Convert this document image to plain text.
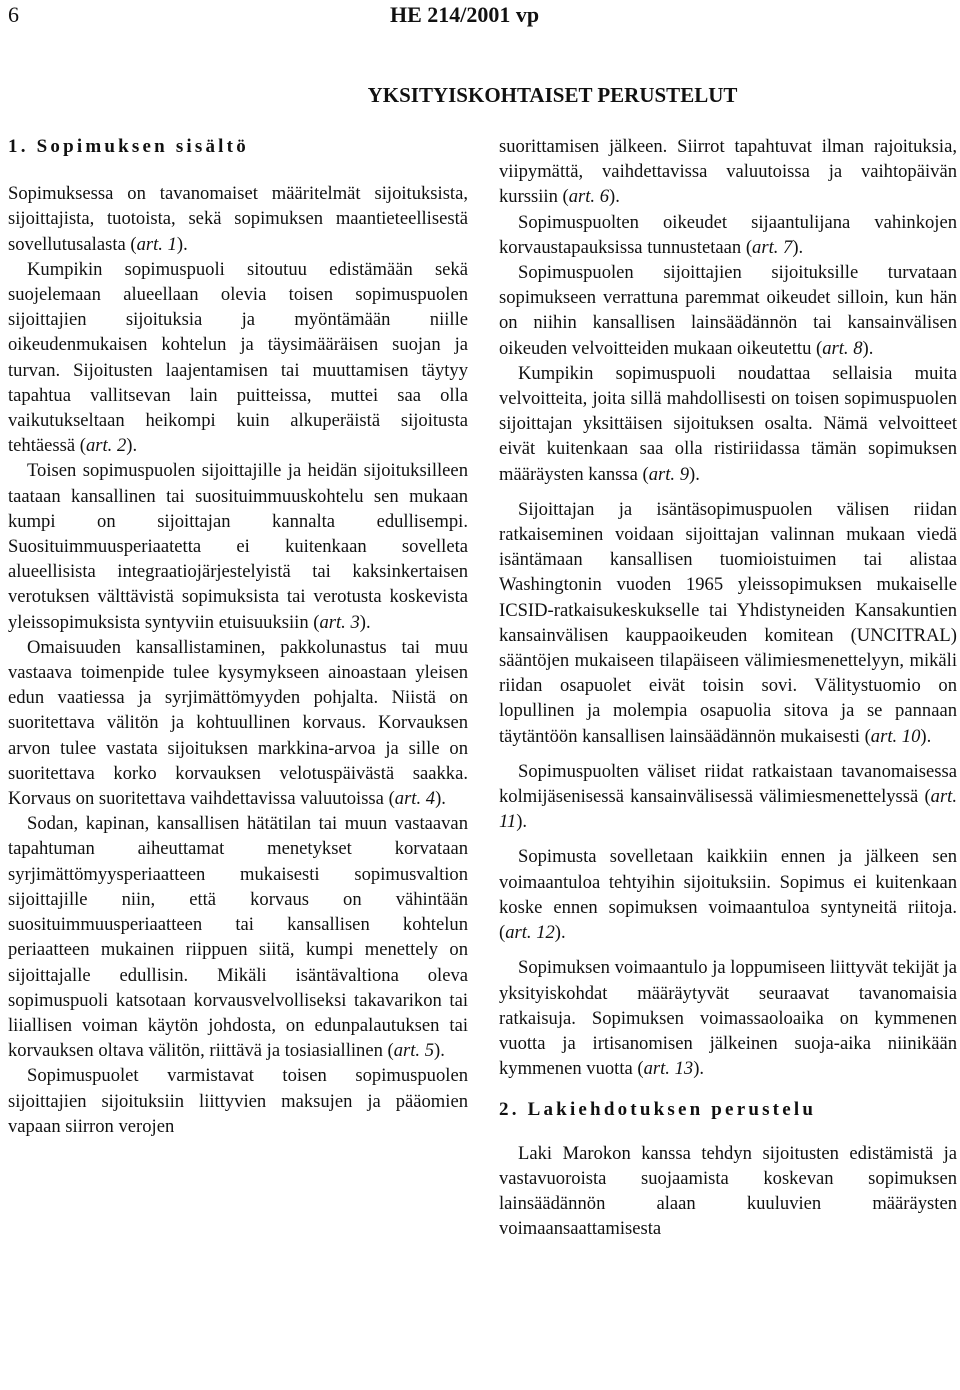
6	HE 214/2001 vp
YKSITYISKOHTAISET PERUSTELUT
1. Sopimuksen sisältö

Sopimuksessa on tavanomaiset määritelmät sijoituksista, sijoittajista, tuotoista, sekä sopimuksen maantieteellisestä sovellutusalasta (art. 1).

Kumpikin sopimuspuoli sitoutuu edistämään sekä suojelemaan alueellaan olevia toisen sopimuspuolen sijoittajien sijoituksia ja myöntämään niille oikeudenmukaisen kohtelun ja täysimääräisen suojan ja turvan. Sijoitusten laajentamisen tai muuttamisen täytyy tapahtua vallitsevan lain puitteissa, muttei saa olla vaikutukseltaan heikompi kuin alkuperäistä sijoitusta tehtäessä (art. 2).

Toisen sopimuspuolen sijoittajille ja heidän sijoituksilleen taataan kansallinen tai suosituimmuuskohtelu sen mukaan kumpi on sijoittajan kannalta edullisempi. Suosituimmuusperiaatetta ei kuitenkaan sovelleta alueellisista integraatiojärjestelyistä tai kaksinkertaisen verotuksen välttävistä sopimuksista tai verotusta koskevista yleissopimuksista syntyviin etuisuuksiin (art. 3).

Omaisuuden kansallistaminen, pakkolunastus tai muu vastaava toimenpide tulee kysymykseen ainoastaan yleisen edun vaatiessa ja syrjimättömyyden pohjalta. Niistä on suoritettava välitön ja kohtuullinen korvaus. Korvauksen arvon tulee vastata sijoituksen markkina-arvoa ja sille on suoritettava korko korvauksen velotuspäivästä saakka. Korvaus on suoritettava vaihdettavissa valuutoissa (art. 4).

Sodan, kapinan, kansallisen hätätilan tai muun vastaavan tapahtuman aiheuttamat menetykset korvataan syrjimättömyysperiaatteen mukaisesti sopimusvaltion sijoittajille niin, että korvaus on vähintään suosituimmuusperiaatteen tai kansallisen kohtelun periaatteen mukainen riippuen siitä, kumpi menettely on sijoittajalle edullisin. Mikäli isäntävaltiona oleva sopimuspuoli katsotaan korvausvelvolliseksi takavarikon tai liiallisen voiman käytön johdosta, on edunpalautuksen tai korvauksen oltava välitön, riittävä ja tosiasiallinen (art. 5).

Sopimuspuolet varmistavat toisen sopimuspuolen sijoittajien sijoituksiin liittyvien maksujen ja pääomien vapaan siirron verojen

suorittamisen jälkeen. Siirrot tapahtuvat ilman rajoituksia, viipymättä, vaihdettavissa valuutoissa ja vaihtopäivän kurssiin (art. 6).

Sopimuspuolten oikeudet sijaantulijana vahinkojen korvaustapauksissa tunnustetaan (art. 7).

Sopimuspuolen sijoittajien sijoituksille turvataan sopimukseen verrattuna paremmat oikeudet silloin, kun hän on niihin kansallisen lainsäädännön tai kansainvälisen oikeuden velvoitteiden mukaan oikeutettu (art. 8).

Kumpikin sopimuspuoli noudattaa sellaisia muita velvoitteita, joita sillä mahdollisesti on toisen sopimuspuolen sijoittajan yksittäisen sijoituksen osalta. Nämä velvoitteet eivät kuitenkaan saa olla ristiriidassa tämän sopimuksen määräysten kanssa (art. 9).

Sijoittajan ja isäntäsopimuspuolen välisen riidan ratkaiseminen voidaan sijoittajan valinnan mukaan viedä isäntämaan kansallisen tuomioistuimen tai alistaa Washingtonin vuoden 1965 yleissopimuksen mukaiselle ICSID-ratkaisukeskukselle tai Yhdistyneiden Kansakuntien kansainvälisen kauppaoikeuden komitean (UNCITRAL) sääntöjen mukaiseen tilapäiseen välimiesmenettelyyn, mikäli riidan osapuolet eivät toisin sovi. Välitystuomio on lopullinen ja molempia osapuolia sitova ja se pannaan täytäntöön kansallisen lainsäädännön mukaisesti (art. 10).

Sopimuspuolten väliset riidat ratkaistaan tavanomaisessa kolmijäsenisessä kansainvälisessä välimiesmenettelyssä (art. 11).

Sopimusta sovelletaan kaikkiin ennen ja jälkeen sen voimaantuloa tehtyihin sijoituksiin. Sopimus ei kuitenkaan koske ennen sopimuksen voimaantuloa syntyneitä riitoja. (art. 12).

Sopimuksen voimaantulo ja loppumiseen liittyvät tekijät ja yksityiskohdat määräytyvät seuraavat tavanomaisia ratkaisuja. Sopimuksen voimassaoloaika on kymmenen vuotta ja irtisanomisen jälkeinen suoja-aika niinikään kymmenen vuotta (art. 13).

2. Lakiehdotuksen perustelu

Laki Marokon kanssa tehdyn sijoitusten edistämistä ja vastavuoroista suojaamista koskevan sopimuksen lainsäädännön alaan kuuluvien määräysten voimaansaattamisesta
